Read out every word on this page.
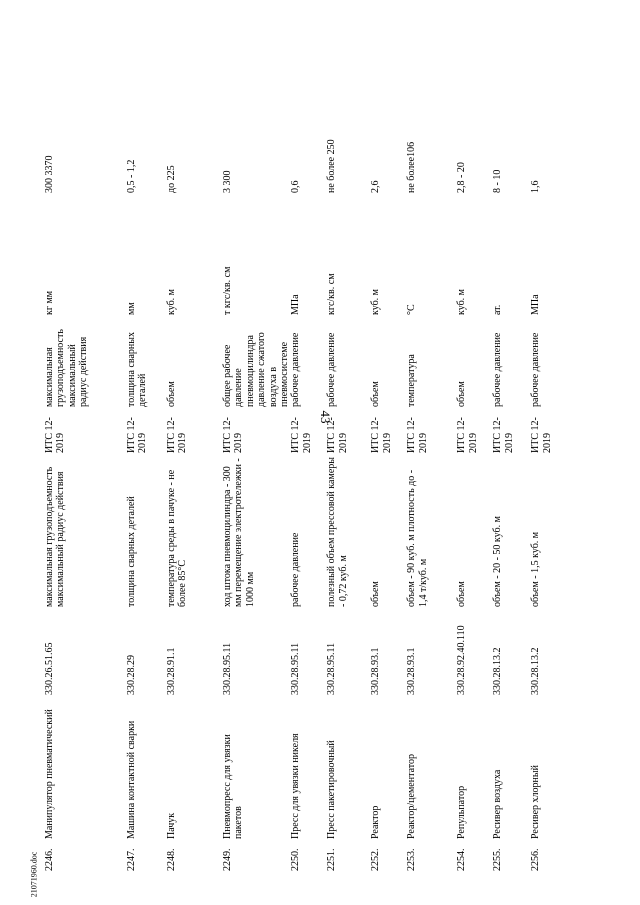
43
21071960.doc 2246.	Манипулятор пневматический	330.26.51.65	максимальная грузоподъемность максимальный радиус действия	ИТС 12-2019	максимальная грузоподъемность максимальный радиус действия	кг мм	300 3370
2247.	Машина контактной сварки	330.28.29	толщина сварных деталей	ИТС 12-2019	толщина сварных деталей	мм	0,5 - 1,2
2248.	Пачук	330.28.91.1	температура среды в пачуке - не более 85°С	ИТС 12-2019	объем	куб. м	до 225
2249.	Пневмопресс для увязки пакетов	330.28.95.11	ход штока пневмоцилиндра - 300 мм перемещение электротележки - 1000 мм	ИТС 12-2019	общее рабочее давление пневмоцилиндра давление сжатого воздуха в пневмосистеме	т кгс/кв. см	3 300
2250.	Пресс для увязки никеля	330.28.95.11	рабочее давление	ИТС 12-2019	рабочее давление	МПа	0,6
2251.	Пресс пакетировочный	330.28.95.11	полезный объем прессовой камеры - 0,72 куб. м	ИТС 12-2019	рабочее давление	кгс/кв. см	не более 250
2252.	Реактор	330.28.93.1	объем	ИТС 12-2019	объем	куб. м	2,6
2253.	Реактор/цементатор	330.28.93.1	объем - 90 куб. м плотность до - 1,4 т/куб. м	ИТС 12-2019	температура	°С	не более106
2254.	Репульпатор	330.28.92.40.110	объем	ИТС 12-2019	объем	куб. м	2,8 - 20
2255.	Ресивер воздуха	330.28.13.2	объем - 20 - 50 куб. м	ИТС 12-2019	рабочее давление	ат.	8 - 10
2256.	Ресивер хлорный	330.28.13.2	объем - 1,5 куб. м	ИТС 12-2019	рабочее давление	МПа	1,6
